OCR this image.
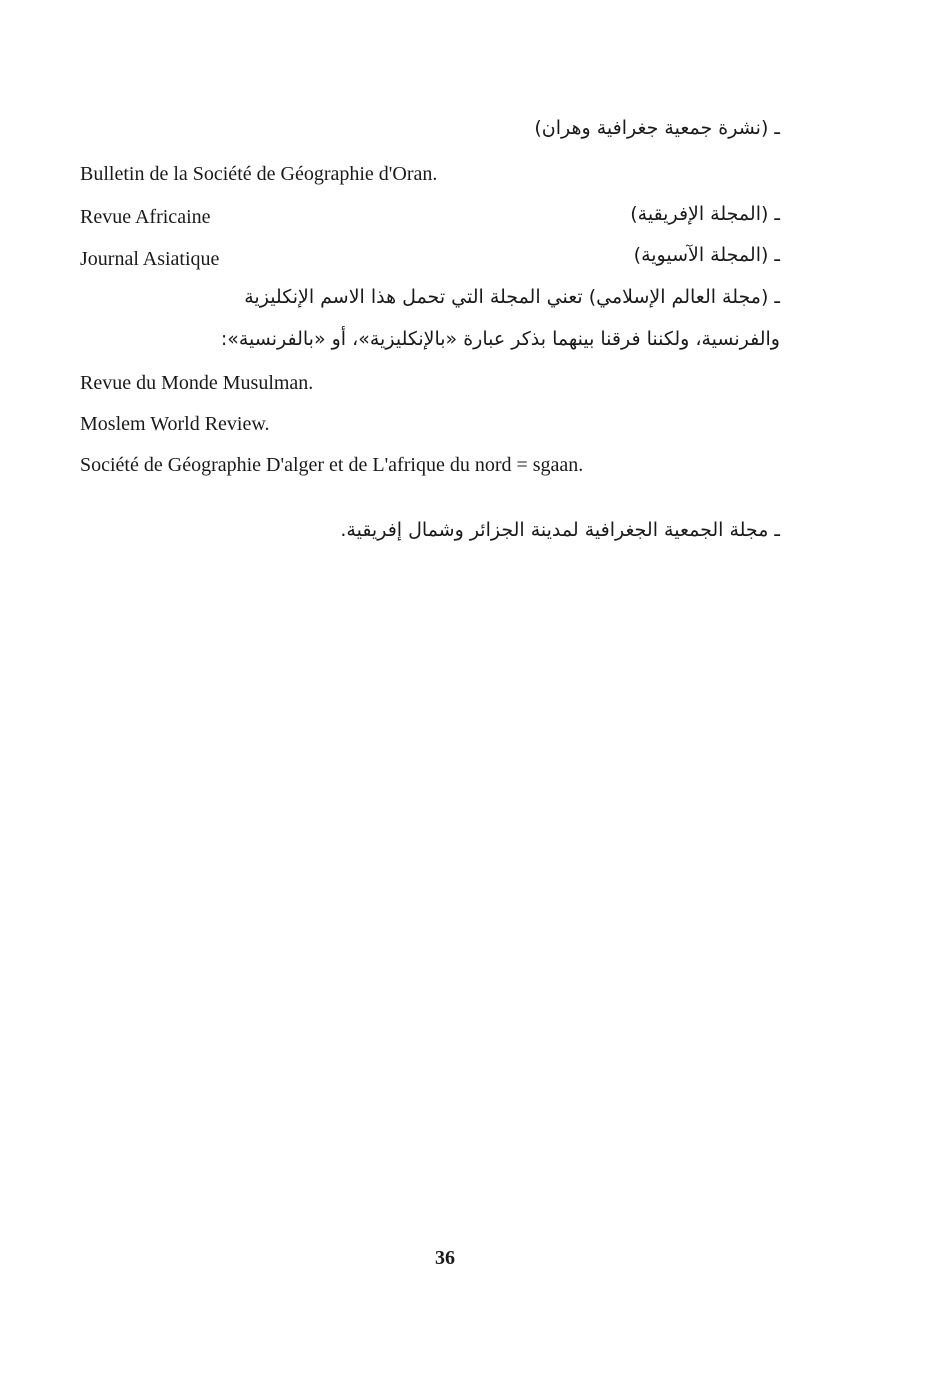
ـ (نشرة جمعية جغرافية وهران)
Bulletin de la Société de Géographie d'Oran.
Revue Africaine	ـ (المجلة الإفريقية)
Journal Asiatique	ـ (المجلة الآسيوية)
ـ (مجلة العالم الإسلامي) تعني المجلة التي تحمل هذا الاسم الإنكليزية
والفرنسية، ولكننا فرقنا بينهما بذكر عبارة «بالإنكليزية»، أو «بالفرنسية»:
Revue du Monde Musulman.
Moslem World Review.
Société de Géographie D'alger et de L'afrique du nord = sgaan.
ـ مجلة الجمعية الجغرافية لمدينة الجزائر وشمال إفريقية.
36
